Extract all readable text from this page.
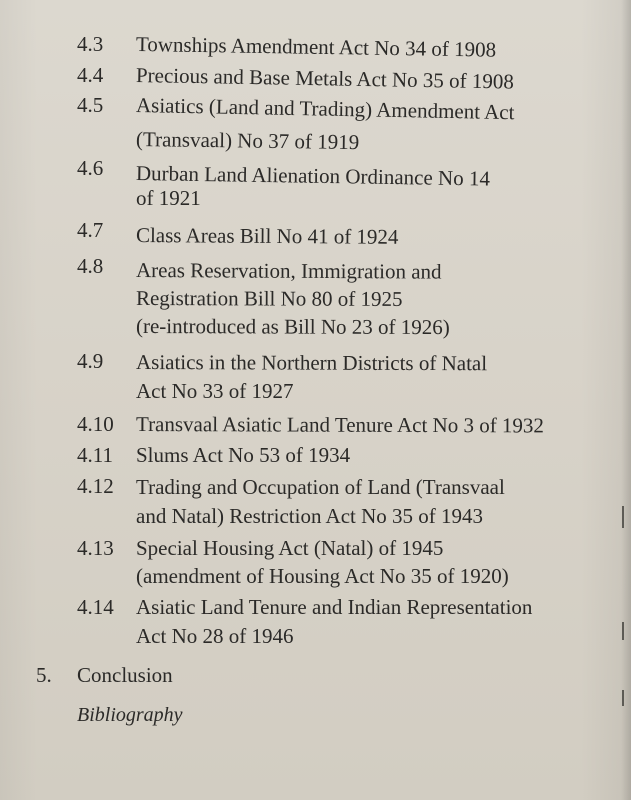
4.3 Townships Amendment Act No 34 of 1908
4.4 Precious and Base Metals Act No 35 of 1908
4.5 Asiatics (Land and Trading) Amendment Act
(Transvaal) No 37 of 1919
4.6 Durban Land Alienation Ordinance No 14
of 1921
4.7 Class Areas Bill No 41 of 1924
4.8 Areas Reservation, Immigration and
Registration Bill No 80 of 1925
(re-introduced as Bill No 23 of 1926)
4.9 Asiatics in the Northern Districts of Natal
Act No 33 of 1927
4.10 Transvaal Asiatic Land Tenure Act No 3 of 1932
4.11 Slums Act No 53 of 1934
4.12 Trading and Occupation of Land (Transvaal
and Natal) Restriction Act No 35 of 1943
4.13 Special Housing Act (Natal) of 1945
(amendment of Housing Act No 35 of 1920)
4.14 Asiatic Land Tenure and Indian Representation
Act No 28 of 1946
5. Conclusion
Bibliography
